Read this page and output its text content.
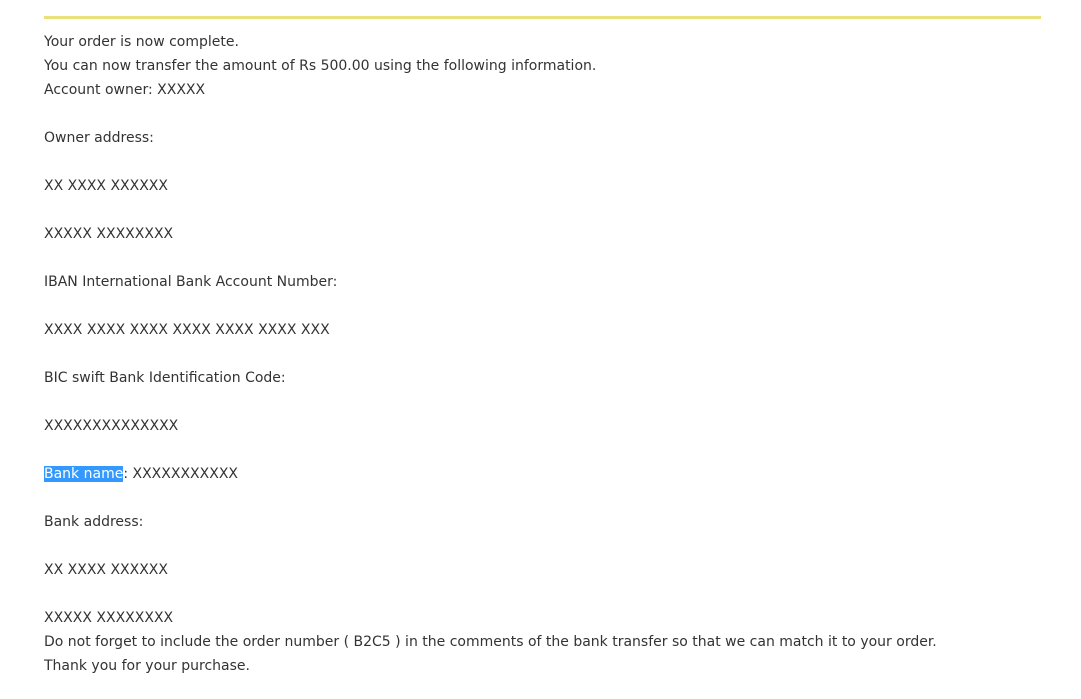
Your order is now complete.
You can now transfer the amount of Rs 500.00 using the following information.
Account owner: XXXXX
Owner address:
XX XXXX XXXXXX
XXXXX XXXXXXXX
IBAN International Bank Account Number:
XXXX XXXX XXXX XXXX XXXX XXXX XXX
BIC swift Bank Identification Code:
XXXXXXXXXXXXXX
Bank name: XXXXXXXXXXX
Bank address:
XX XXXX XXXXXX
XXXXX XXXXXXXX
Do not forget to include the order number ( B2C5 ) in the comments of the bank transfer so that we can match it to your order.
Thank you for your purchase.
